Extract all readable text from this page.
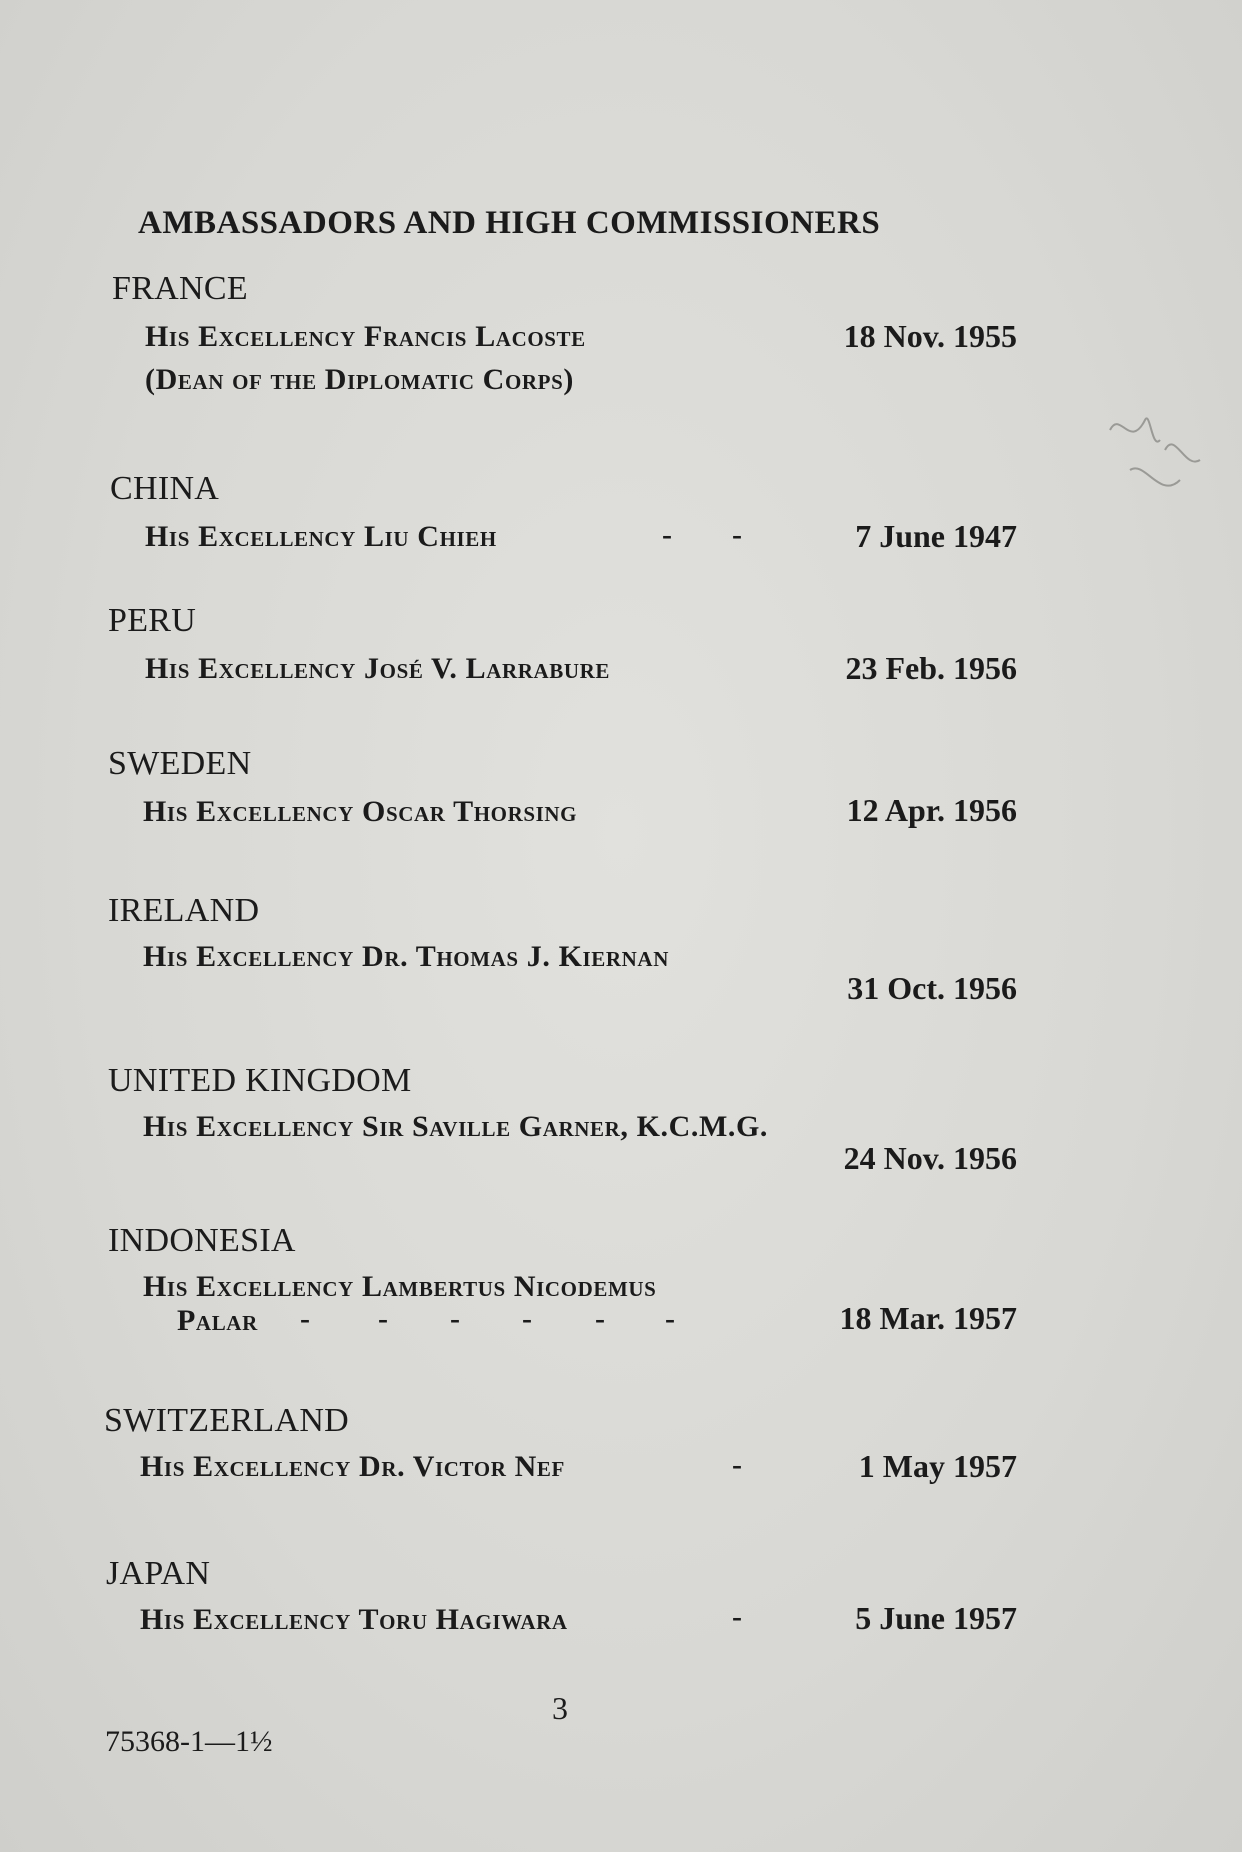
AMBASSADORS AND HIGH COMMISSIONERS
FRANCE
His Excellency Francis Lacoste	18 Nov. 1955
(Dean of the Diplomatic Corps)
CHINA
His Excellency Liu Chieh	- -	7 June 1947
PERU
His Excellency José V. Larrabure	23 Feb. 1956
SWEDEN
His Excellency Oscar Thorsing	12 Apr. 1956
IRELAND
His Excellency Dr. Thomas J. Kiernan
31 Oct. 1956
UNITED KINGDOM
His Excellency Sir Saville Garner, K.C.M.G.
24 Nov. 1956
INDONESIA
His Excellency Lambertus Nicodemus
Palar - - - - - -	18 Mar. 1957
SWITZERLAND
His Excellency Dr. Victor Nef	-	1 May 1957
JAPAN
His Excellency Toru Hagiwara	-	5 June 1957
3
75368-1—1½
